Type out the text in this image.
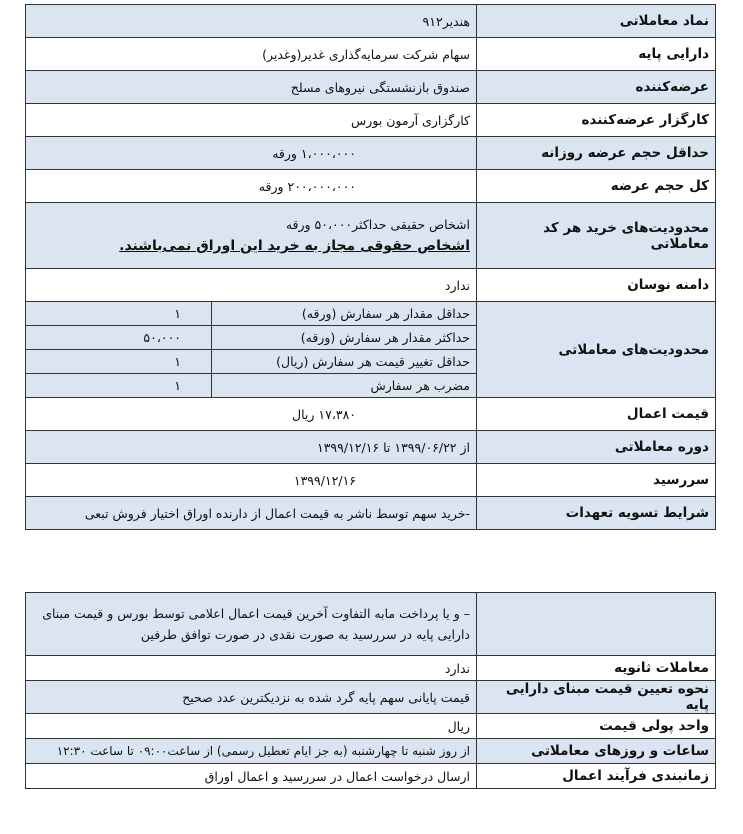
نماد معاملاتی	هندیر۹۱۲
دارایی پایه	سهام شرکت سرمایه‌گذاری غدیر(وغدیر)
عرضه‌کننده	صندوق بازنشستگی نیروهای مسلح
کارگزار عرضه‌کننده	کارگزاری آرمون بورس
حداقل حجم عرضه روزانه	۱،۰۰۰،۰۰۰ ورقه
کل حجم عرضه	۲۰۰،۰۰۰،۰۰۰ ورقه
محدودیت‌های خرید هر کد معاملاتی	
اشخاص حقیقی حداکثر۵۰،۰۰۰ ورقه
اشخاص حقوقی مجاز به خرید این اوراق نمی‌باشند.

دامنه نوسان	ندارد
محدودیت‌های معاملاتی	
حداقل مقدار هر سفارش (ورقه)	۱
حداکثر مقدار هر سفارش (ورقه)	۵۰،۰۰۰
حداقل تغییر قیمت هر سفارش (ریال)	۱
مضرب هر سفارش	۱

قیمت اعمال	۱۷،۳۸۰ ریال
دوره معاملاتی	از ۱۳۹۹/۰۶/۲۲ تا ۱۳۹۹/۱۲/۱۶
سررسید	۱۳۹۹/۱۲/۱۶
شرایط تسویه تعهدات	-خرید سهم توسط ناشر به قیمت اعمال از دارنده اوراق اختیار فروش تبعی
	– و یا پرداخت مابه التفاوت آخرین قیمت اعمال اعلامی توسط بورس و قیمت مبنای دارایی پایه در سررسید به صورت نقدی در صورت توافق طرفین
معاملات ثانویه	ندارد
نحوه تعیین قیمت مبنای دارایی پایه	قیمت پایانی سهم پایه گرد شده به نزدیکترین عدد صحیح
واحد پولی قیمت	ریال
ساعات و روزهای معاملاتی	از روز شنبه تا چهارشنبه (به جز ایام تعطیل رسمی) از ساعت۰۹:۰۰ تا ساعت ۱۲:۳۰
زمانبندی فرآیند اعمال	ارسال درخواست اعمال در سررسید و اعمال اوراق
